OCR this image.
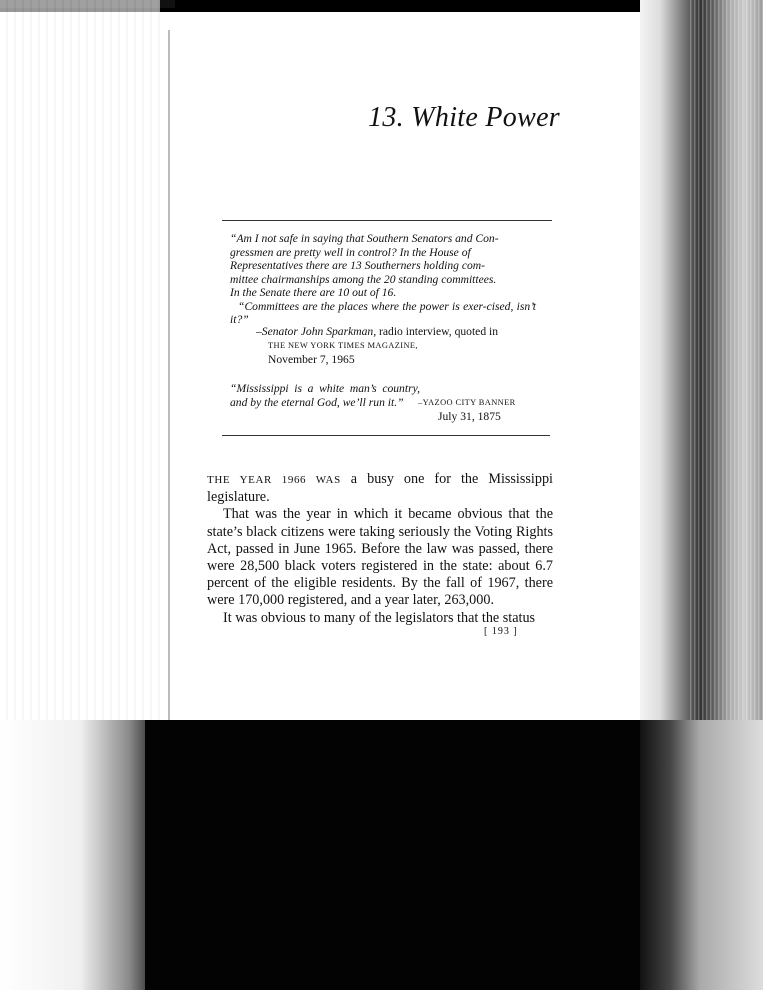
13. White Power
“Am I not safe in saying that Southern Senators and Con-
gressmen are pretty well in control? In the House of
Representatives there are 13 Southerners holding com-
mittee chairmanships among the 20 standing committees.
In the Senate there are 10 out of 16.
“Committees are the places where the power is exer-cised, isn’t it?”
–Senator John Sparkman, radio interview, quoted in
THE NEW YORK TIMES MAGAZINE,
November 7, 1965
“Mississippi is a white man’s country, and by the eternal God, we’ll run it.”	–YAZOO CITY BANNER
July 31, 1875

THE YEAR 1966 WAS a busy one for the Mississippi legislature.

That was the year in which it became obvious that the state’s black citizens were taking seriously the Voting Rights Act, passed in June 1965. Before the law was passed, there were 28,500 black voters registered in the state: about 6.7 percent of the eligible residents. By the fall of 1967, there were 170,000 registered, and a year later, 263,000.

It was obvious to many of the legislators that the status

[ 193 ]
